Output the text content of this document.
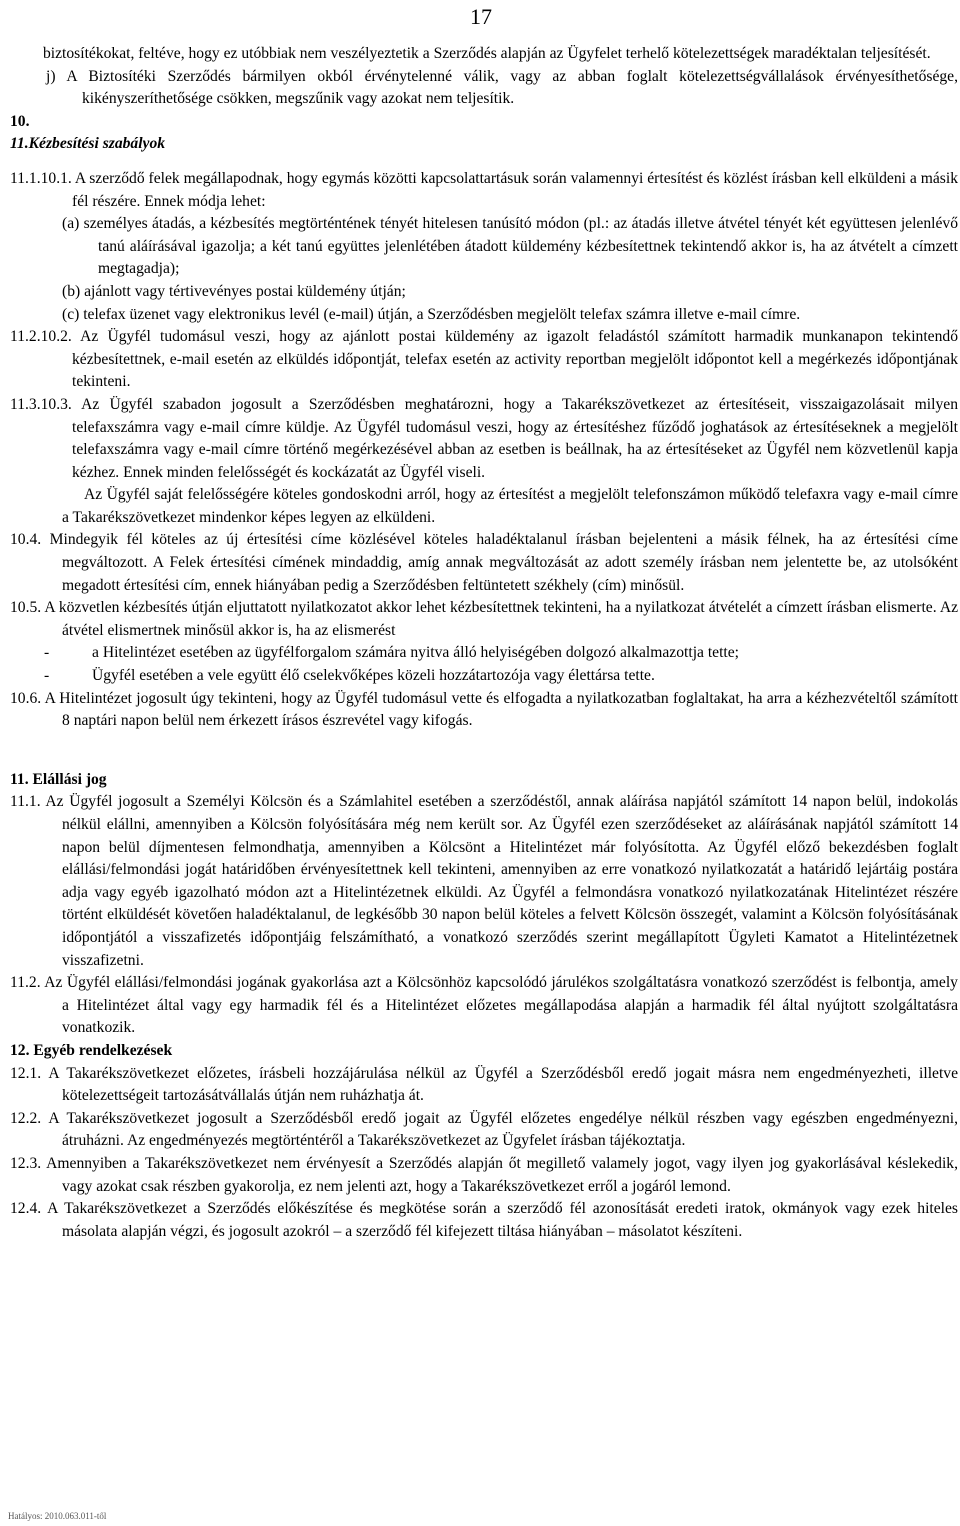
17

biztosítékokat, feltéve, hogy ez utóbbiak nem veszélyeztetik a Szerződés alapján az Ügyfelet terhelő kötelezettségek maradéktalan teljesítését.

j) A Biztosítéki Szerződés bármilyen okból érvénytelenné válik, vagy az abban foglalt kötelezettségvállalások érvényesíthetősége, kikényszeríthetősége csökken, megszűnik vagy azokat nem teljesítik.

10.

11.Kézbesítési szabályok

11.1.10.1. A szerződő felek megállapodnak, hogy egymás közötti kapcsolattartásuk során valamennyi értesítést és közlést írásban kell elküldeni a másik fél részére. Ennek módja lehet:

(a) személyes átadás, a kézbesítés megtörténtének tényét hitelesen tanúsító módon (pl.: az átadás illetve átvétel tényét két együttesen jelenlévő tanú aláírásával igazolja; a két tanú együttes jelenlétében átadott küldemény kézbesítettnek tekintendő akkor is, ha az átvételt a címzett megtagadja);

(b) ajánlott vagy tértivevényes postai küldemény útján;

(c) telefax üzenet vagy elektronikus levél (e-mail) útján, a Szerződésben megjelölt telefax számra illetve e-mail címre.

11.2.10.2. Az Ügyfél tudomásul veszi, hogy az ajánlott postai küldemény az igazolt feladástól számított harmadik munkanapon tekintendő kézbesítettnek, e-mail esetén az elküldés időpontját, telefax esetén az activity reportban megjelölt időpontot kell a megérkezés időpontjának tekinteni.

11.3.10.3. Az Ügyfél szabadon jogosult a Szerződésben meghatározni, hogy a Takarékszövetkezet az értesítéseit, visszaigazolásait milyen telefaxszámra vagy e-mail címre küldje. Az Ügyfél tudomásul veszi, hogy az értesítéshez fűződő joghatások az értesítéseknek a megjelölt telefaxszámra vagy e-mail címre történő megérkezésével abban az esetben is beállnak, ha az értesítéseket az Ügyfél nem közvetlenül kapja kézhez. Ennek minden felelősségét és kockázatát az Ügyfél viseli.

Az Ügyfél saját felelősségére köteles gondoskodni arról, hogy az értesítést a megjelölt telefonszámon működő telefaxra vagy e-mail címre a Takarékszövetkezet mindenkor képes legyen az elküldeni.

10.4. Mindegyik fél köteles az új értesítési címe közlésével köteles haladéktalanul írásban bejelenteni a másik félnek, ha az értesítési címe megváltozott. A Felek értesítési címének mindaddig, amíg annak megváltozását az adott személy írásban nem jelentette be, az utolsóként megadott értesítési cím, ennek hiányában pedig a Szerződésben feltüntetett székhely (cím) minősül.

10.5. A közvetlen kézbesítés útján eljuttatott nyilatkozatot akkor lehet kézbesítettnek tekinteni, ha a nyilatkozat átvételét a címzett írásban elismerte. Az átvétel elismertnek minősül akkor is, ha az elismerést

-	a Hitelintézet esetében az ügyfélforgalom számára nyitva álló helyiségében dolgozó alkalmazottja tette;

-	Ügyfél esetében a vele együtt élő cselekvőképes közeli hozzátartozója vagy élettársa tette.

10.6. A Hitelintézet jogosult úgy tekinteni, hogy az Ügyfél tudomásul vette és elfogadta a nyilatkozatban foglaltakat, ha arra a kézhezvételtől számított 8 naptári napon belül nem érkezett írásos észrevétel vagy kifogás.

11. Elállási jog

11.1. Az Ügyfél jogosult a Személyi Kölcsön és a Számlahitel esetében a szerződéstől, annak aláírása napjától számított 14 napon belül, indokolás nélkül elállni, amennyiben a Kölcsön folyósítására még nem került sor. Az Ügyfél ezen szerződéseket az aláírásának napjától számított 14 napon belül díjmentesen felmondhatja, amennyiben a Kölcsönt a Hitelintézet már folyósította. Az Ügyfél előző bekezdésben foglalt elállási/felmondási jogát határidőben érvényesítettnek kell tekinteni, amennyiben az erre vonatkozó nyilatkozatát a határidő lejártáig postára adja vagy egyéb igazolható módon azt a Hitelintézetnek elküldi. Az Ügyfél a felmondásra vonatkozó nyilatkozatának Hitelintézet részére történt elküldését követően haladéktalanul, de legkésőbb 30 napon belül köteles a felvett Kölcsön összegét, valamint a Kölcsön folyósításának időpontjától a visszafizetés időpontjáig felszámítható, a vonatkozó szerződés szerint megállapított Ügyleti Kamatot a Hitelintézetnek visszafizetni.

11.2. Az Ügyfél elállási/felmondási jogának gyakorlása azt a Kölcsönhöz kapcsolódó járulékos szolgáltatásra vonatkozó szerződést is felbontja, amely a Hitelintézet által vagy egy harmadik fél és a Hitelintézet előzetes megállapodása alapján a harmadik fél által nyújtott szolgáltatásra vonatkozik.

12. Egyéb rendelkezések

12.1. A Takarékszövetkezet előzetes, írásbeli hozzájárulása nélkül az Ügyfél a Szerződésből eredő jogait másra nem engedményezheti, illetve kötelezettségeit tartozásátvállalás útján nem ruházhatja át.

12.2. A Takarékszövetkezet jogosult a Szerződésből eredő jogait az Ügyfél előzetes engedélye nélkül részben vagy egészben engedményezni, átruházni. Az engedményezés megtörténtéről a Takarékszövetkezet az Ügyfelet írásban tájékoztatja.

12.3. Amennyiben a Takarékszövetkezet nem érvényesít a Szerződés alapján őt megillető valamely jogot, vagy ilyen jog gyakorlásával késlekedik, vagy azokat csak részben gyakorolja, ez nem jelenti azt, hogy a Takarékszövetkezet erről a jogáról lemond.

12.4. A Takarékszövetkezet a Szerződés előkészítése és megkötése során a szerződő fél azonosítását eredeti iratok, okmányok vagy ezek hiteles másolata alapján végzi, és jogosult azokról – a szerződő fél kifejezett tiltása hiányában – másolatot készíteni.

Hatályos: 2010.063.011-től
